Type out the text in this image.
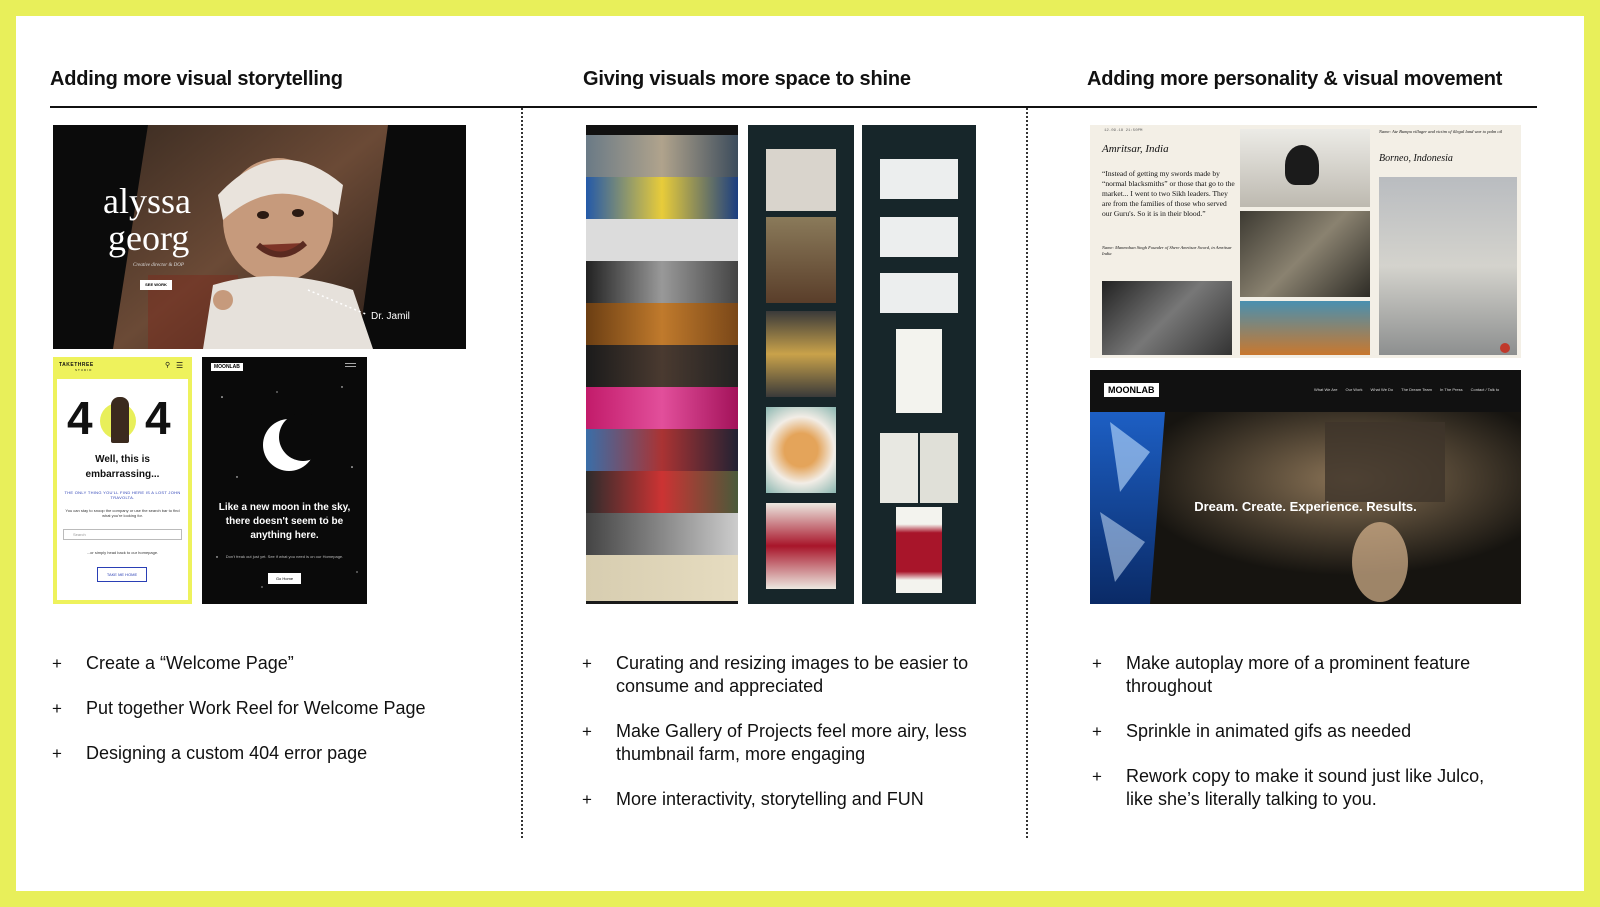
Adding more visual storytelling	Giving visuals more space to shine	Adding more personality & visual movement
alyssa
georg
Creative director & DOP
SEE WORK
Dr. Jamil
TAKETHREE
STUDIO
⚲ ☰
4 4
Well, this is
embarrassing...
THE ONLY THING YOU'LL FIND HERE IS A LOST JOHN TRAVOLTA.
You can stay to snoop the company or use the search bar to find what you're looking for.
Search
...or simply head back to our homepage.
TAKE ME HOME
MOONLAB
Like a new moon in the sky, there doesn't seem to be anything here.
Don't freak out just yet. See if what you need is on our Homepage.
Go Home
12.09.18 21:50PM
Amritsar, India
“Instead of getting my swords made by “normal blacksmiths” or those that go to the market... I went to two Sikh leaders. They are from the families of those who served our Guru's. So it is in their blood.”
Name: Manmohan Singh Founder of Shere Amritsar Sword, in Amritsar India
Name: Ate Bumpu villager and victim of illegal land war to palm oil
Borneo, Indonesia
MOONLAB	What We Are Our Work What We Do The Dream Team In The Press Contact / Talk to
Dream. Create. Experience. Results.
+ Create a “Welcome Page”
+ Put together Work Reel for Welcome Page
+ Designing a custom 404 error page
+ Curating and resizing images to be easier to consume and appreciated
+ Make Gallery of Projects feel more airy, less thumbnail farm, more engaging
+ More interactivity, storytelling and FUN
+ Make autoplay more of a prominent feature throughout
+ Sprinkle in animated gifs as needed
+ Rework copy to make it sound just like Julco, like she’s literally talking to you.
